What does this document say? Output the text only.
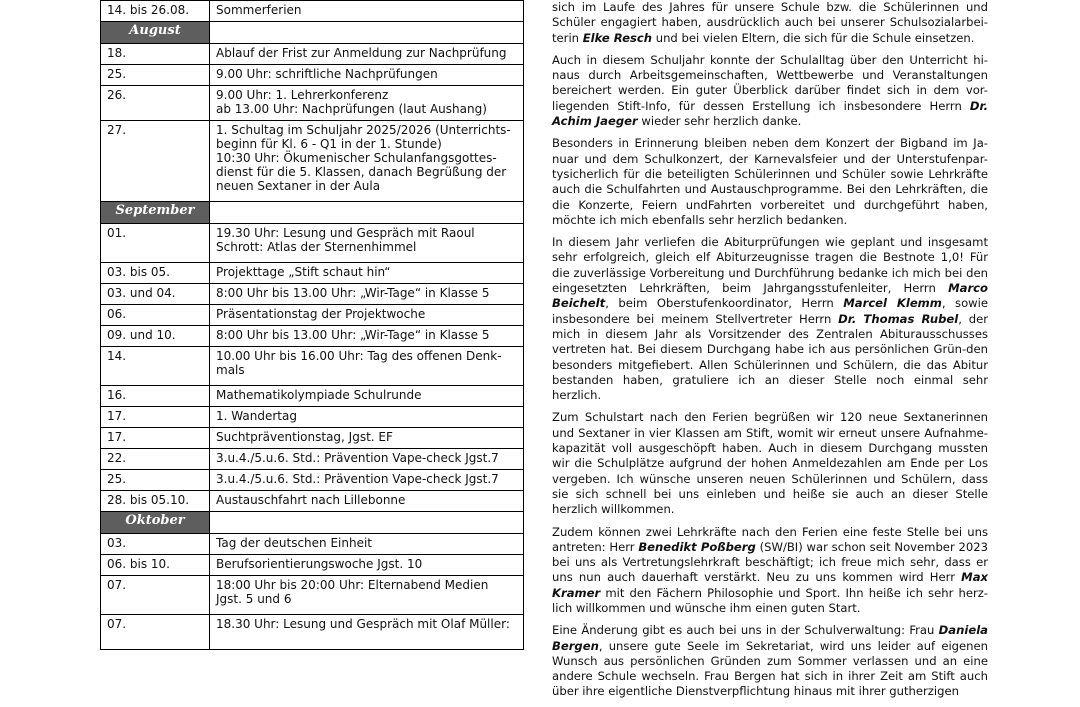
14. bis 26.08.	Sommerferien
August	
18.	Ablauf der Frist zur Anmeldung zur Nachprüfung
25.	9.00 Uhr: schriftliche Nachprüfungen
26.	9.00 Uhr: 1. Lehrerkonferenz
ab 13.00 Uhr: Nachprüfungen (laut Aushang)
27.	1. Schultag im Schuljahr 2025/2026 (Unterrichts-beginn für Kl. 6 - Q1 in der 1. Stunde)
10:30 Uhr: Ökumenischer Schulanfangsgottes-dienst für die 5. Klassen, danach Begrüßung der neuen Sextaner in der Aula
September	
01.	19.30 Uhr: Lesung und Gespräch mit Raoul Schrott: Atlas der Sternenhimmel
03. bis 05.	Projekttage „Stift schaut hin“
03. und 04.	8:00 Uhr bis 13.00 Uhr: „Wir-Tage“ in Klasse 5
06.	Präsentationstag der Projektwoche
09. und 10.	8:00 Uhr bis 13.00 Uhr: „Wir-Tage“ in Klasse 5
14.	10.00 Uhr bis 16.00 Uhr: Tag des offenen Denk-mals
16.	Mathematikolympiade Schulrunde
17.	1. Wandertag
17.	Suchtpräventionstag, Jgst. EF
22.	3.u.4./5.u.6. Std.: Prävention Vape-check Jgst.7
25.	3.u.4./5.u.6. Std.: Prävention Vape-check Jgst.7
28. bis 05.10.	Austauschfahrt nach Lillebonne
Oktober	
03.	Tag der deutschen Einheit
06. bis 10.	Berufsorientierungswoche Jgst. 10
07.	18:00 Uhr bis 20:00 Uhr: Elternabend Medien Jgst. 5 und 6
07.	18.30 Uhr: Lesung und Gespräch mit Olaf Müller:

sich im Laufe des Jahres für unsere Schule bzw. die Schülerinnen und Schüler engagiert haben, ausdrücklich auch bei unserer Schulsozialarbei-terin Elke Resch und bei vielen Eltern, die sich für die Schule einsetzen.

Auch in diesem Schuljahr konnte der Schulalltag über den Unterricht hi-naus durch Arbeitsgemeinschaften, Wettbewerbe und Veranstaltungen bereichert werden. Ein guter Überblick darüber findet sich in dem vor-liegenden Stift-Info, für dessen Erstellung ich insbesondere Herrn Dr. Achim Jaeger wieder sehr herzlich danke.

Besonders in Erinnerung bleiben neben dem Konzert der Bigband im Ja-nuar und dem Schulkonzert, der Karnevalsfeier und der Unterstufenpar-tysicherlich für die beteiligten Schülerinnen und Schüler sowie Lehrkräfte auch die Schulfahrten und Austauschprogramme. Bei den Lehrkräften, die die Konzerte, Feiern undFahrten vorbereitet und durchgeführt haben, möchte ich mich ebenfalls sehr herzlich bedanken.

In diesem Jahr verliefen die Abiturprüfungen wie geplant und insgesamt sehr erfolgreich, gleich elf Abiturzeugnisse tragen die Bestnote 1,0! Für die zuverlässige Vorbereitung und Durchführung bedanke ich mich bei den eingesetzten Lehrkräften, beim Jahrgangsstufenleiter, Herrn Marco Beichelt, beim Oberstufenkoordinator, Herrn Marcel Klemm, sowie insbesondere bei meinem Stellvertreter Herrn Dr. Thomas Rubel, der mich in diesem Jahr als Vorsitzender des Zentralen Abiturausschusses vertreten hat. Bei diesem Durchgang habe ich aus persönlichen Grün-den besonders mitgefiebert. Allen Schülerinnen und Schülern, die das Abitur bestanden haben, gratuliere ich an dieser Stelle noch einmal sehr herzlich.

Zum Schulstart nach den Ferien begrüßen wir 120 neue Sextanerinnen und Sextaner in vier Klassen am Stift, womit wir erneut unsere Aufnahme-kapazität voll ausgeschöpft haben. Auch in diesem Durchgang mussten wir die Schulplätze aufgrund der hohen Anmeldezahlen am Ende per Los vergeben. Ich wünsche unseren neuen Schülerinnen und Schülern, dass sie sich schnell bei uns einleben und heiße sie auch an dieser Stelle herzlich willkommen.

Zudem können zwei Lehrkräfte nach den Ferien eine feste Stelle bei uns antreten: Herr Benedikt Poßberg (SW/BI) war schon seit November 2023 bei uns als Vertretungslehrkraft beschäftigt; ich freue mich sehr, dass er uns nun auch dauerhaft verstärkt. Neu zu uns kommen wird Herr Max Kramer mit den Fächern Philosophie und Sport. Ihn heiße ich sehr herz-lich willkommen und wünsche ihm einen guten Start.

Eine Änderung gibt es auch bei uns in der Schulverwaltung: Frau Daniela Bergen, unsere gute Seele im Sekretariat, wird uns leider auf eigenen Wunsch aus persönlichen Gründen zum Sommer verlassen und an eine andere Schule wechseln. Frau Bergen hat sich in ihrer Zeit am Stift auch über ihre eigentliche Dienstverpflichtung hinaus mit ihrer gutherzigen
